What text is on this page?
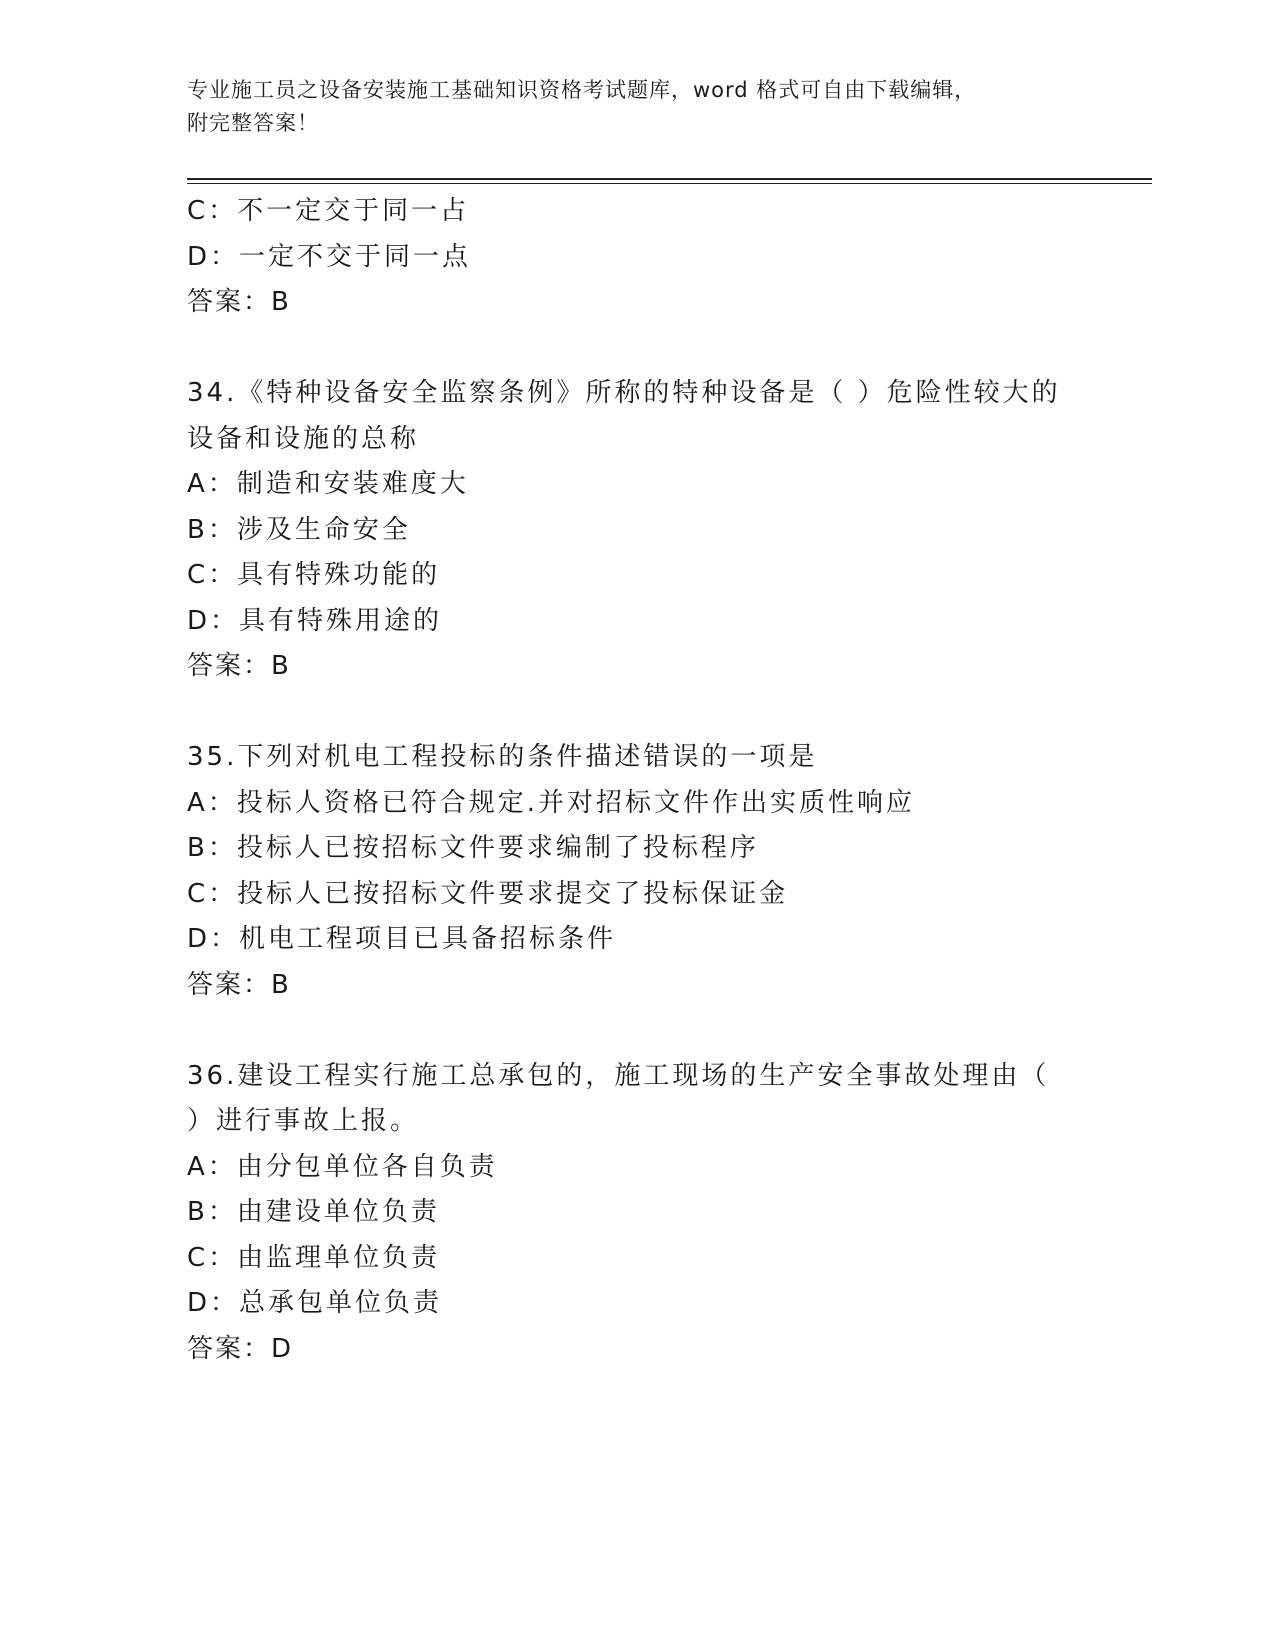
专业施工员之设备安装施工基础知识资格考试题库，word 格式可自由下载编辑，
附完整答案！
C：不一定交于同一占
D：一定不交于同一点
答案：B
34.《特种设备安全监察条例》所称的特种设备是（ ）危险性较大的
设备和设施的总称
A：制造和安装难度大
B：涉及生命安全
C：具有特殊功能的
D：具有特殊用途的
答案：B
35.下列对机电工程投标的条件描述错误的一项是
A：投标人资格已符合规定.并对招标文件作出实质性响应
B：投标人已按招标文件要求编制了投标程序
C：投标人已按招标文件要求提交了投标保证金
D：机电工程项目已具备招标条件
答案：B
36.建设工程实行施工总承包的，施工现场的生产安全事故处理由（
）进行事故上报。
A：由分包单位各自负责
B：由建设单位负责
C：由监理单位负责
D：总承包单位负责
答案：D
